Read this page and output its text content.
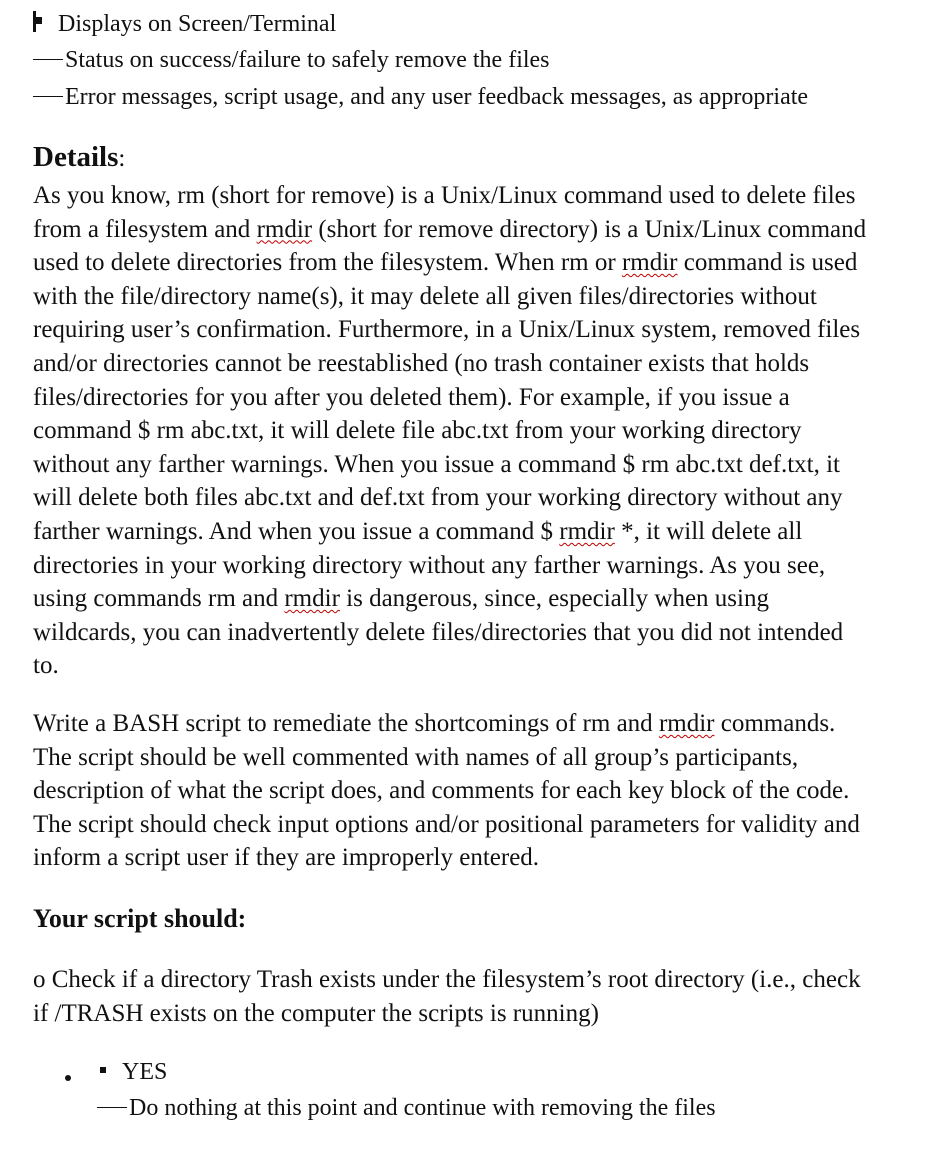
Displays on Screen/Terminal
Status on success/failure to safely remove the files
Error messages, script usage, and any user feedback messages, as appropriate
Details:
As you know, rm (short for remove) is a Unix/Linux command used to delete files
from a filesystem and rmdir (short for remove directory) is a Unix/Linux command
used to delete directories from the filesystem. When rm or rmdir command is used
with the file/directory name(s), it may delete all given files/directories without
requiring user’s confirmation. Furthermore, in a Unix/Linux system, removed files
and/or directories cannot be reestablished (no trash container exists that holds
files/directories for you after you deleted them). For example, if you issue a
command $ rm abc.txt, it will delete file abc.txt from your working directory
without any farther warnings. When you issue a command $ rm abc.txt def.txt, it
will delete both files abc.txt and def.txt from your working directory without any
farther warnings. And when you issue a command $ rmdir *, it will delete all
directories in your working directory without any farther warnings. As you see,
using commands rm and rmdir is dangerous, since, especially when using
wildcards, you can inadvertently delete files/directories that you did not intended
to.
Write a BASH script to remediate the shortcomings of rm and rmdir commands.
The script should be well commented with names of all group’s participants,
description of what the script does, and comments for each key block of the code.
The script should check input options and/or positional parameters for validity and
inform a script user if they are improperly entered.
Your script should:
o Check if a directory Trash exists under the filesystem’s root directory (i.e., check
if /TRASH exists on the computer the scripts is running)
YES
Do nothing at this point and continue with removing the files
